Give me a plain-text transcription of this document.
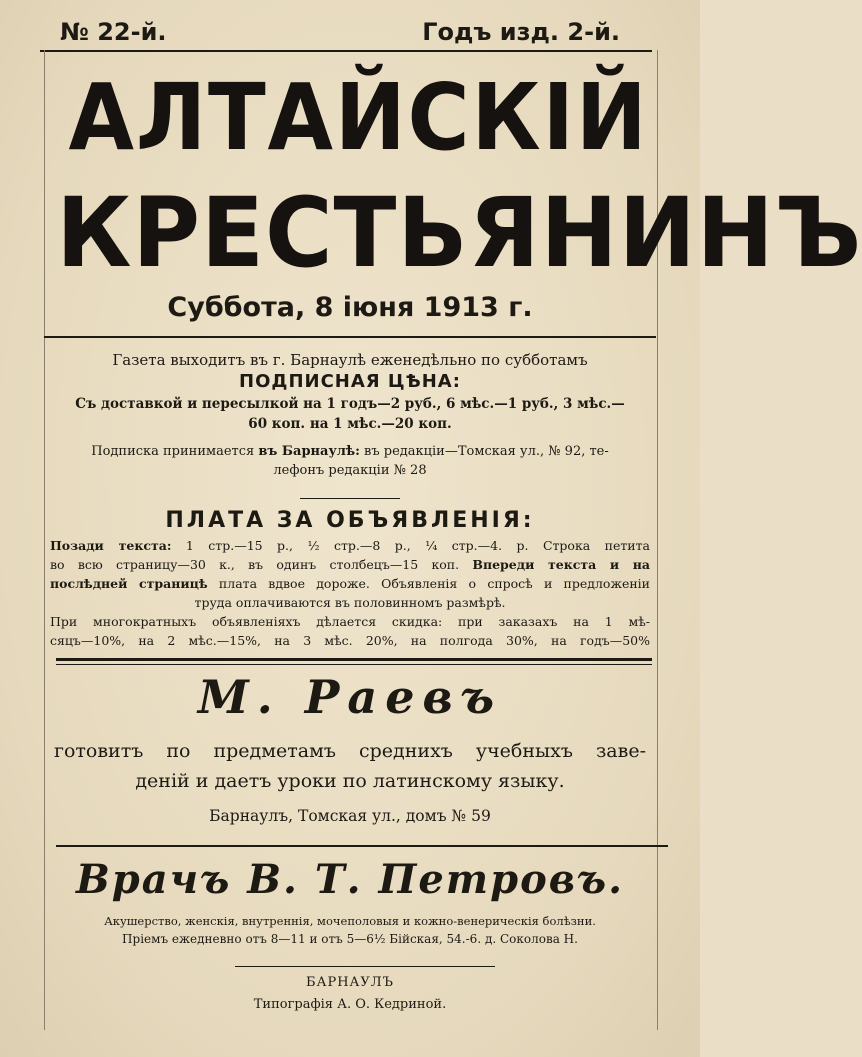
№ 22-й.	Годъ изд. 2-й.
АЛТАЙСКIЙ
КРЕСТЬЯНИНЪ
Суббота, 8 iюня 1913 г.
Газета выходитъ въ г. Барнаулѣ еженедѣльно по субботамъ
ПОДПИСНАЯ ЦѢНА:
Съ доставкой и пересылкой на 1 годъ—2 руб., 6 мѣс.—1 руб., 3 мѣс.—
60 коп. на 1 мѣс.—20 коп.
Подписка принимается въ Барнаулѣ: въ редакцiи—Томская ул., № 92, те-
лефонъ редакцiи № 28
ПЛАТА ЗА ОБЪЯВЛЕНIЯ:
Позади текста: 1 стр.—15 р., ½ стр.—8 р., ¼ стр.—4. р. Строка петита
во всю страницу—30 к., въ одинъ столбецъ—15 коп. Впереди текста и на
послѣдней страницѣ плата вдвое дороже. Объявленiя о спросѣ и предложенiи
труда оплачиваются въ половинномъ размѣрѣ.
При многократныхъ объявленiяхъ дѣлается скидка: при заказахъ на 1 мѣ-
сяцъ—10%, на 2 мѣс.—15%, на 3 мѣс. 20%, на полгода 30%, на годъ—50%
М. Раевъ
готовитъ по предметамъ среднихъ учебныхъ заве-
денiй и даетъ уроки по латинскому языку.
Барнаулъ, Томская ул., домъ № 59
Врачъ В. Т. Петровъ.
Акушерство, женскiя, внутреннiя, мочеполовыя и кожно-венерическiя болѣзни.
Прiемъ ежедневно отъ 8—11 и отъ 5—6½ Бiйская, 54.-6. д. Соколова Н.
БАРНАУЛЪ
Типографiя А. О. Кедриной.
